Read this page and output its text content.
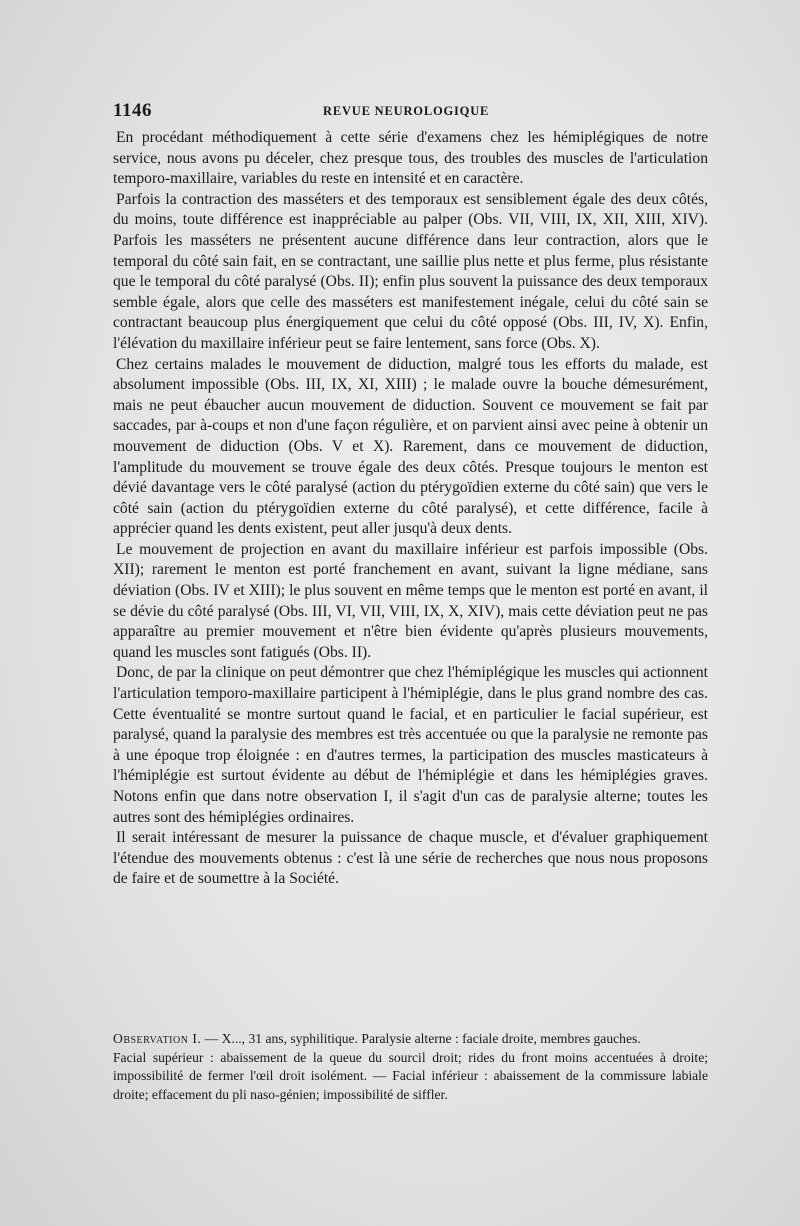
1146	REVUE NEUROLOGIQUE

En procédant méthodiquement à cette série d'examens chez les hémiplégiques de notre service, nous avons pu déceler, chez presque tous, des troubles des muscles de l'articulation temporo-maxillaire, variables du reste en intensité et en caractère.

Parfois la contraction des masséters et des temporaux est sensiblement égale des deux côtés, du moins, toute différence est inappréciable au palper (Obs. VII, VIII, IX, XII, XIII, XIV). Parfois les masséters ne présentent aucune différence dans leur contraction, alors que le temporal du côté sain fait, en se contractant, une saillie plus nette et plus ferme, plus résistante que le temporal du côté paralysé (Obs. II); enfin plus souvent la puissance des deux temporaux semble égale, alors que celle des masséters est manifestement inégale, celui du côté sain se contractant beaucoup plus énergiquement que celui du côté opposé (Obs. III, IV, X). Enfin, l'élévation du maxillaire inférieur peut se faire lentement, sans force (Obs. X).

Chez certains malades le mouvement de diduction, malgré tous les efforts du malade, est absolument impossible (Obs. III, IX, XI, XIII) ; le malade ouvre la bouche démesurément, mais ne peut ébaucher aucun mouvement de diduction. Souvent ce mouvement se fait par saccades, par à-coups et non d'une façon régulière, et on parvient ainsi avec peine à obtenir un mouvement de diduction (Obs. V et X). Rarement, dans ce mouvement de diduction, l'amplitude du mouvement se trouve égale des deux côtés. Presque toujours le menton est dévié davantage vers le côté paralysé (action du ptérygoïdien externe du côté sain) que vers le côté sain (action du ptérygoïdien externe du côté paralysé), et cette différence, facile à apprécier quand les dents existent, peut aller jusqu'à deux dents.

Le mouvement de projection en avant du maxillaire inférieur est parfois impossible (Obs. XII); rarement le menton est porté franchement en avant, suivant la ligne médiane, sans déviation (Obs. IV et XIII); le plus souvent en même temps que le menton est porté en avant, il se dévie du côté paralysé (Obs. III, VI, VII, VIII, IX, X, XIV), mais cette déviation peut ne pas apparaître au premier mouvement et n'être bien évidente qu'après plusieurs mouvements, quand les muscles sont fatigués (Obs. II).

Donc, de par la clinique on peut démontrer que chez l'hémiplégique les muscles qui actionnent l'articulation temporo-maxillaire participent à l'hémiplégie, dans le plus grand nombre des cas. Cette éventualité se montre surtout quand le facial, et en particulier le facial supérieur, est paralysé, quand la paralysie des membres est très accentuée ou que la paralysie ne remonte pas à une époque trop éloignée : en d'autres termes, la participation des muscles masticateurs à l'hémiplégie est surtout évidente au début de l'hémiplégie et dans les hémiplégies graves. Notons enfin que dans notre observation I, il s'agit d'un cas de paralysie alterne; toutes les autres sont des hémiplégies ordinaires.

Il serait intéressant de mesurer la puissance de chaque muscle, et d'évaluer graphiquement l'étendue des mouvements obtenus : c'est là une série de recherches que nous nous proposons de faire et de soumettre à la Société.

Observation I. — X..., 31 ans, syphilitique. Paralysie alterne : faciale droite, membres gauches.

Facial supérieur : abaissement de la queue du sourcil droit; rides du front moins accentuées à droite; impossibilité de fermer l'œil droit isolément. — Facial inférieur : abaissement de la commissure labiale droite; effacement du pli naso-génien; impossibilité de siffler.
